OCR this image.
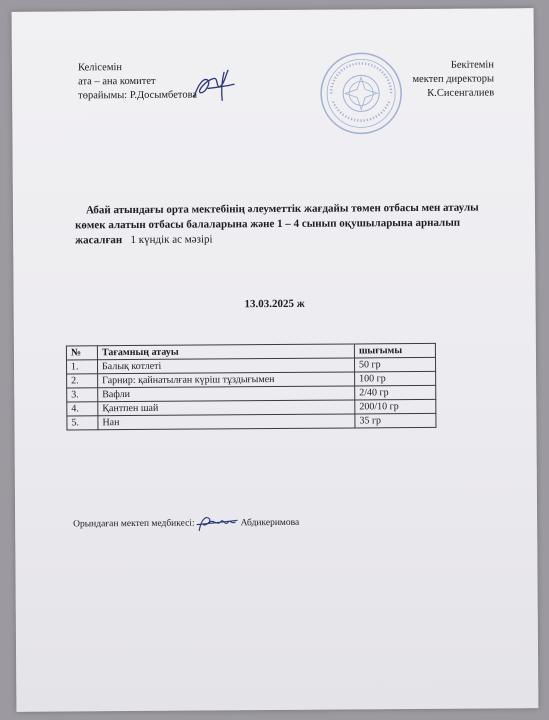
Келісемін
ата – ана комитет
төрайымы: Р.Досымбетова
Бекітемін
мектеп директоры
К.Сисенгалиев
Абай атындағы орта мектебінің әлеуметтік жағдайы төмен отбасы мен атаулы көмек алатын отбасы балаларына және 1 – 4 сынып оқушыларына арналып жасалған 1 күндік ас мәзірі
13.03.2025 ж
№	Тағамның атауы	шығымы
1.	Балық котлеті	50 гр
2.	Гарнир: қайнатылған күріш тұздығымен	100 гр
3.	Вафли	2/40 гр
4.	Қантпен шай	200/10 гр
5.	Нан	35 гр
Орындаған мектеп медбикесі:	Абдикеримова
